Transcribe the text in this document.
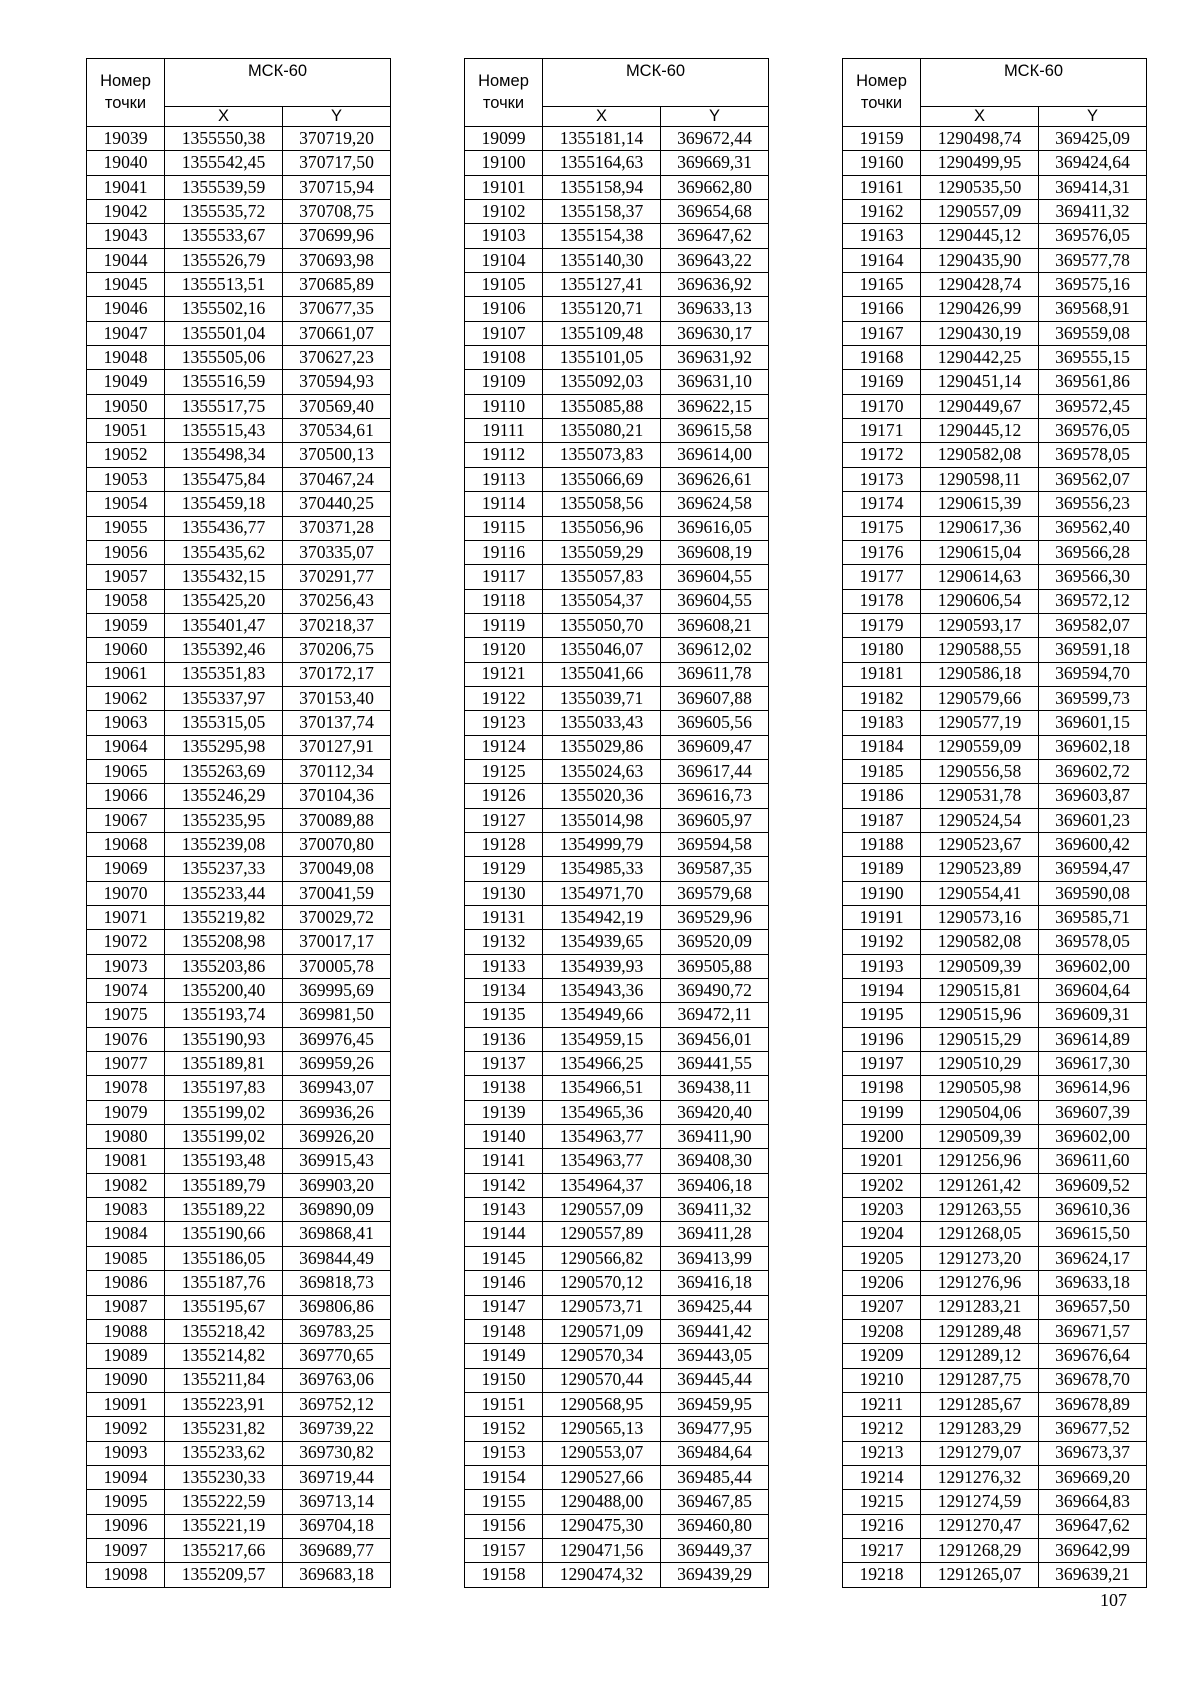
Номер точки	МСК-60	
	X	Y
19039	1355550,38	370719,20
19040	1355542,45	370717,50
19041	1355539,59	370715,94
19042	1355535,72	370708,75
19043	1355533,67	370699,96
19044	1355526,79	370693,98
19045	1355513,51	370685,89
19046	1355502,16	370677,35
19047	1355501,04	370661,07
19048	1355505,06	370627,23
19049	1355516,59	370594,93
19050	1355517,75	370569,40
19051	1355515,43	370534,61
19052	1355498,34	370500,13
19053	1355475,84	370467,24
19054	1355459,18	370440,25
19055	1355436,77	370371,28
19056	1355435,62	370335,07
19057	1355432,15	370291,77
19058	1355425,20	370256,43
19059	1355401,47	370218,37
19060	1355392,46	370206,75
19061	1355351,83	370172,17
19062	1355337,97	370153,40
19063	1355315,05	370137,74
19064	1355295,98	370127,91
19065	1355263,69	370112,34
19066	1355246,29	370104,36
19067	1355235,95	370089,88
19068	1355239,08	370070,80
19069	1355237,33	370049,08
19070	1355233,44	370041,59
19071	1355219,82	370029,72
19072	1355208,98	370017,17
19073	1355203,86	370005,78
19074	1355200,40	369995,69
19075	1355193,74	369981,50
19076	1355190,93	369976,45
19077	1355189,81	369959,26
19078	1355197,83	369943,07
19079	1355199,02	369936,26
19080	1355199,02	369926,20
19081	1355193,48	369915,43
19082	1355189,79	369903,20
19083	1355189,22	369890,09
19084	1355190,66	369868,41
19085	1355186,05	369844,49
19086	1355187,76	369818,73
19087	1355195,67	369806,86
19088	1355218,42	369783,25
19089	1355214,82	369770,65
19090	1355211,84	369763,06
19091	1355223,91	369752,12
19092	1355231,82	369739,22
19093	1355233,62	369730,82
19094	1355230,33	369719,44
19095	1355222,59	369713,14
19096	1355221,19	369704,18
19097	1355217,66	369689,77
19098	1355209,57	369683,18
Номер точки	МСК-60	
	X	Y
19099	1355181,14	369672,44
19100	1355164,63	369669,31
19101	1355158,94	369662,80
19102	1355158,37	369654,68
19103	1355154,38	369647,62
19104	1355140,30	369643,22
19105	1355127,41	369636,92
19106	1355120,71	369633,13
19107	1355109,48	369630,17
19108	1355101,05	369631,92
19109	1355092,03	369631,10
19110	1355085,88	369622,15
19111	1355080,21	369615,58
19112	1355073,83	369614,00
19113	1355066,69	369626,61
19114	1355058,56	369624,58
19115	1355056,96	369616,05
19116	1355059,29	369608,19
19117	1355057,83	369604,55
19118	1355054,37	369604,55
19119	1355050,70	369608,21
19120	1355046,07	369612,02
19121	1355041,66	369611,78
19122	1355039,71	369607,88
19123	1355033,43	369605,56
19124	1355029,86	369609,47
19125	1355024,63	369617,44
19126	1355020,36	369616,73
19127	1355014,98	369605,97
19128	1354999,79	369594,58
19129	1354985,33	369587,35
19130	1354971,70	369579,68
19131	1354942,19	369529,96
19132	1354939,65	369520,09
19133	1354939,93	369505,88
19134	1354943,36	369490,72
19135	1354949,66	369472,11
19136	1354959,15	369456,01
19137	1354966,25	369441,55
19138	1354966,51	369438,11
19139	1354965,36	369420,40
19140	1354963,77	369411,90
19141	1354963,77	369408,30
19142	1354964,37	369406,18
19143	1290557,09	369411,32
19144	1290557,89	369411,28
19145	1290566,82	369413,99
19146	1290570,12	369416,18
19147	1290573,71	369425,44
19148	1290571,09	369441,42
19149	1290570,34	369443,05
19150	1290570,44	369445,44
19151	1290568,95	369459,95
19152	1290565,13	369477,95
19153	1290553,07	369484,64
19154	1290527,66	369485,44
19155	1290488,00	369467,85
19156	1290475,30	369460,80
19157	1290471,56	369449,37
19158	1290474,32	369439,29
Номер точки	МСК-60	
	X	Y
19159	1290498,74	369425,09
19160	1290499,95	369424,64
19161	1290535,50	369414,31
19162	1290557,09	369411,32
19163	1290445,12	369576,05
19164	1290435,90	369577,78
19165	1290428,74	369575,16
19166	1290426,99	369568,91
19167	1290430,19	369559,08
19168	1290442,25	369555,15
19169	1290451,14	369561,86
19170	1290449,67	369572,45
19171	1290445,12	369576,05
19172	1290582,08	369578,05
19173	1290598,11	369562,07
19174	1290615,39	369556,23
19175	1290617,36	369562,40
19176	1290615,04	369566,28
19177	1290614,63	369566,30
19178	1290606,54	369572,12
19179	1290593,17	369582,07
19180	1290588,55	369591,18
19181	1290586,18	369594,70
19182	1290579,66	369599,73
19183	1290577,19	369601,15
19184	1290559,09	369602,18
19185	1290556,58	369602,72
19186	1290531,78	369603,87
19187	1290524,54	369601,23
19188	1290523,67	369600,42
19189	1290523,89	369594,47
19190	1290554,41	369590,08
19191	1290573,16	369585,71
19192	1290582,08	369578,05
19193	1290509,39	369602,00
19194	1290515,81	369604,64
19195	1290515,96	369609,31
19196	1290515,29	369614,89
19197	1290510,29	369617,30
19198	1290505,98	369614,96
19199	1290504,06	369607,39
19200	1290509,39	369602,00
19201	1291256,96	369611,60
19202	1291261,42	369609,52
19203	1291263,55	369610,36
19204	1291268,05	369615,50
19205	1291273,20	369624,17
19206	1291276,96	369633,18
19207	1291283,21	369657,50
19208	1291289,48	369671,57
19209	1291289,12	369676,64
19210	1291287,75	369678,70
19211	1291285,67	369678,89
19212	1291283,29	369677,52
19213	1291279,07	369673,37
19214	1291276,32	369669,20
19215	1291274,59	369664,83
19216	1291270,47	369647,62
19217	1291268,29	369642,99
19218	1291265,07	369639,21
107
